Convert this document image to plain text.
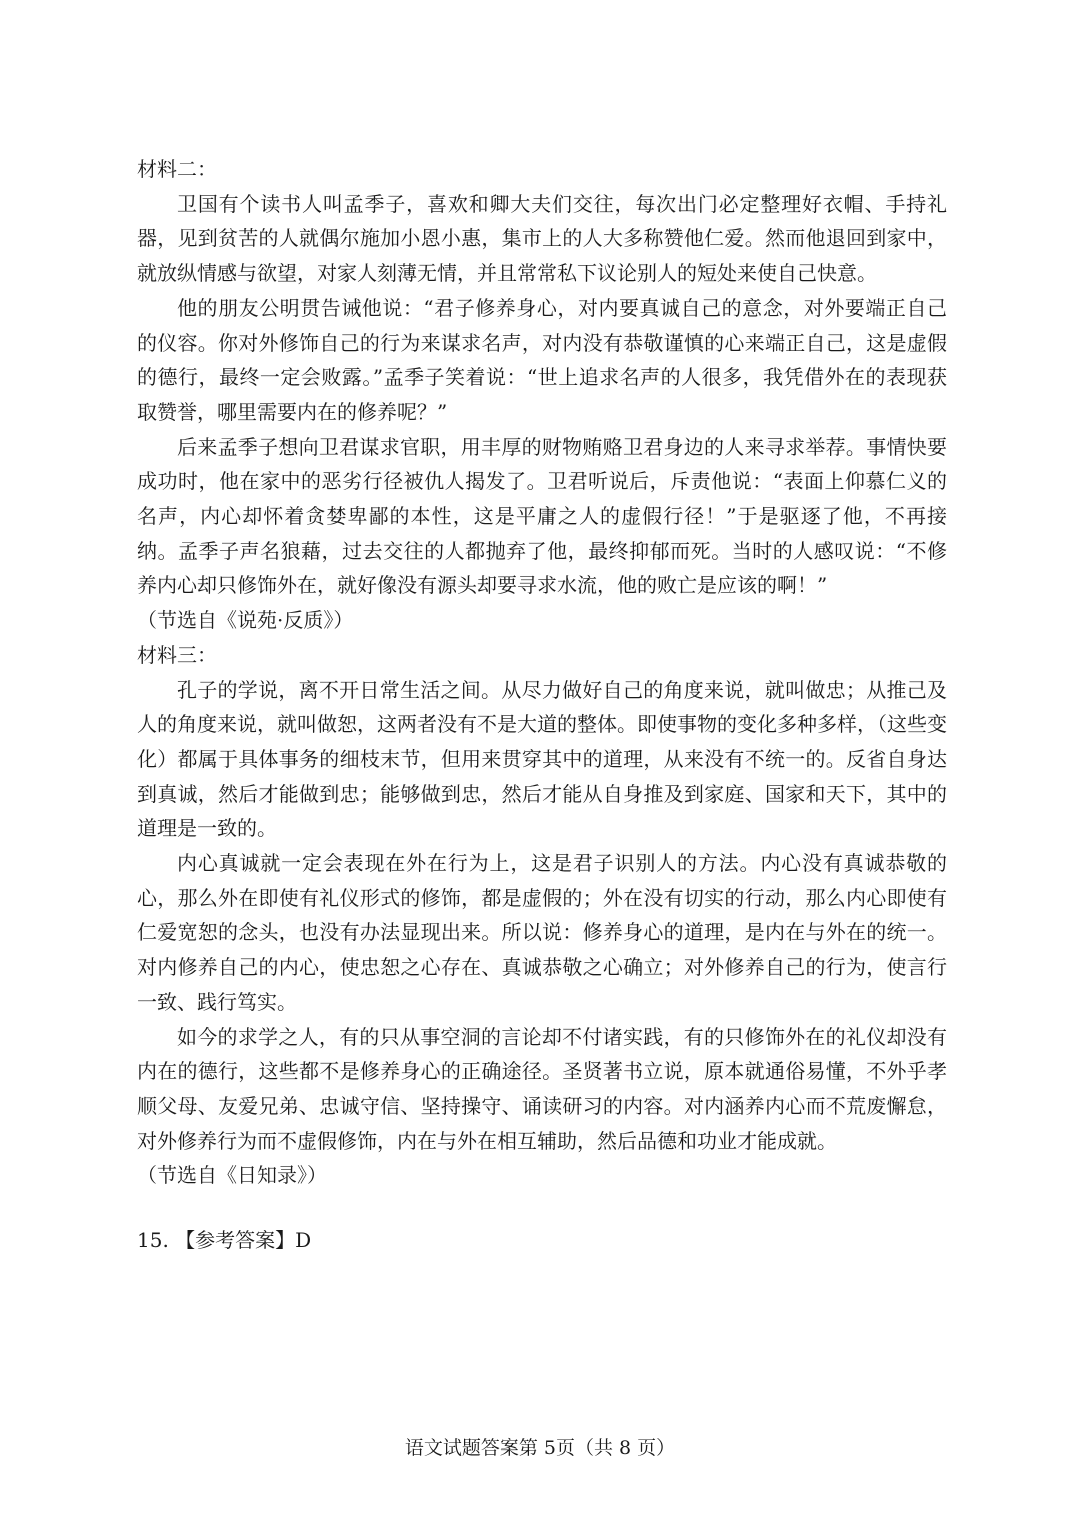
材料二：

卫国有个读书人叫孟季子，喜欢和卿大夫们交往，每次出门必定整理好衣帽、手持礼器，见到贫苦的人就偶尔施加小恩小惠，集市上的人大多称赞他仁爱。然而他退回到家中，就放纵情感与欲望，对家人刻薄无情，并且常常私下议论别人的短处来使自己快意。

他的朋友公明贯告诫他说：“君子修养身心，对内要真诚自己的意念，对外要端正自己的仪容。你对外修饰自己的行为来谋求名声，对内没有恭敬谨慎的心来端正自己，这是虚假的德行，最终一定会败露。”孟季子笑着说：“世上追求名声的人很多，我凭借外在的表现获取赞誉，哪里需要内在的修养呢？”

后来孟季子想向卫君谋求官职，用丰厚的财物贿赂卫君身边的人来寻求举荐。事情快要成功时，他在家中的恶劣行径被仇人揭发了。卫君听说后，斥责他说：“表面上仰慕仁义的名声，内心却怀着贪婪卑鄙的本性，这是平庸之人的虚假行径！”于是驱逐了他，不再接纳。孟季子声名狼藉，过去交往的人都抛弃了他，最终抑郁而死。当时的人感叹说：“不修养内心却只修饰外在，就好像没有源头却要寻求水流，他的败亡是应该的啊！”

（节选自《说苑·反质》）

材料三：

孔子的学说，离不开日常生活之间。从尽力做好自己的角度来说，就叫做忠；从推己及人的角度来说，就叫做恕，这两者没有不是大道的整体。即使事物的变化多种多样，（这些变化）都属于具体事务的细枝末节，但用来贯穿其中的道理，从来没有不统一的。反省自身达到真诚，然后才能做到忠；能够做到忠，然后才能从自身推及到家庭、国家和天下，其中的道理是一致的。

内心真诚就一定会表现在外在行为上，这是君子识别人的方法。内心没有真诚恭敬的心，那么外在即使有礼仪形式的修饰，都是虚假的；外在没有切实的行动，那么内心即使有仁爱宽恕的念头，也没有办法显现出来。所以说：修养身心的道理，是内在与外在的统一。对内修养自己的内心，使忠恕之心存在、真诚恭敬之心确立；对外修养自己的行为，使言行一致、践行笃实。

如今的求学之人，有的只从事空洞的言论却不付诸实践，有的只修饰外在的礼仪却没有内在的德行，这些都不是修养身心的正确途径。圣贤著书立说，原本就通俗易懂，不外乎孝顺父母、友爱兄弟、忠诚守信、坚持操守、诵读研习的内容。对内涵养内心而不荒废懈怠，对外修养行为而不虚假修饰，内在与外在相互辅助，然后品德和功业才能成就。

（节选自《日知录》）

15. 【参考答案】D

语文试题答案第 5页（共 8 页）
